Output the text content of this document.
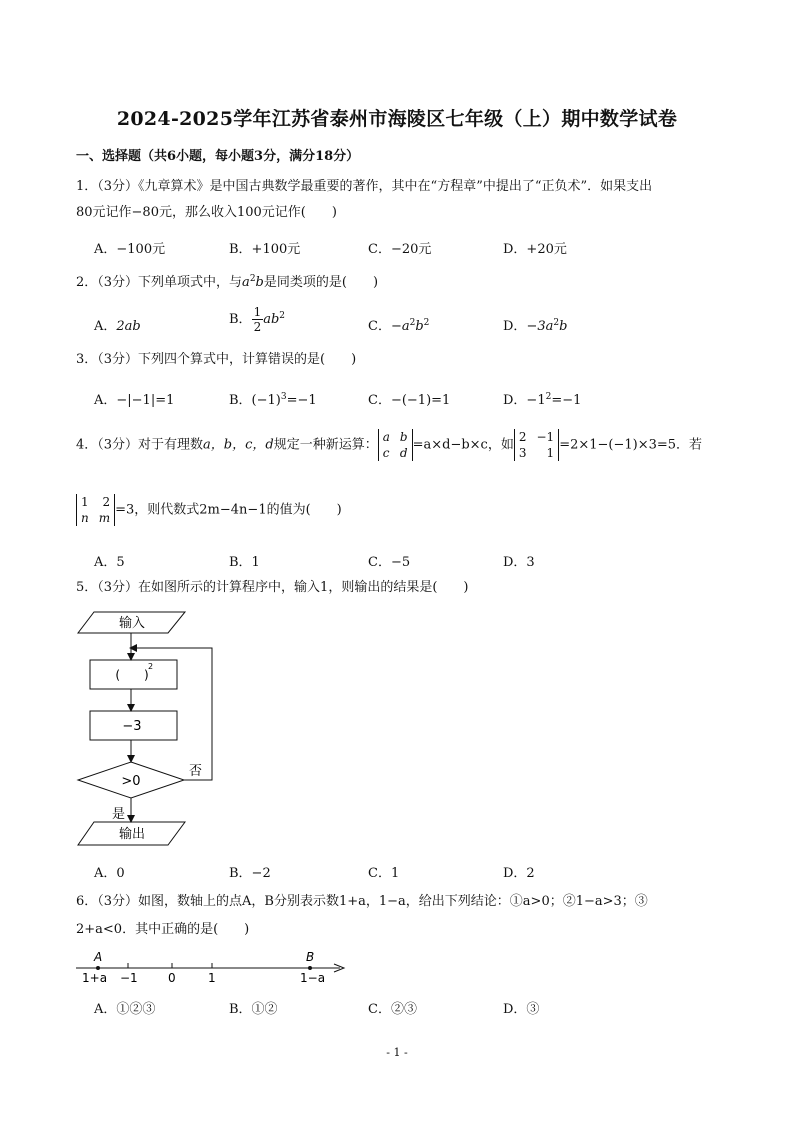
2024-2025学年江苏省泰州市海陵区七年级（上）期中数学试卷
一、选择题（共6小题，每小题3分，满分18分）
1．（3分）《九章算术》是中国古典数学最重要的著作，其中在“方程章”中提出了“正负术”．如果支出
80元记作−80元，那么收入100元记作(　　)
A．−100元	B．+100元	C．−20元	D．+20元
2．（3分）下列单项式中，与$a^2b$是同类项的是(　　)
A．2ab	B． $\frac{1}{2} ab^2$
C．$-a^2b^2$	D．$-3a^2b$
3．（3分）下列四个算式中，计算错误的是(　　)
A．−|−1|=1	B．$(-1)^3=-1$	C．−(−1)=1	D．$-1^2=-1$
4．（3分）对于有理数a，b，c，d规定一种新运算：
a b
c d
=a×d−b×c，如
2 −1
3 1
=2×1−(−1)×3=5．若
1 2
n m
=3，则代数式2m−4n−1的值为(　　)
A．5	B．1	C．−5	D．3
5．（3分）在如图所示的计算程序中，输入1，则输出的结果是(　　)
输入
(　　)
2
−3
>0
否
是
输出
A．0	B．−2	C．1	D．2
6．（3分）如图，数轴上的点A，B分别表示数1+a，1−a，给出下列结论：①a>0；②1−a>3；③
2+a<0．其中正确的是(　　)
A
1+a
B
1−a
−1	0	1
A．①②③	B．①②	C．②③	D．③
- 1 -
